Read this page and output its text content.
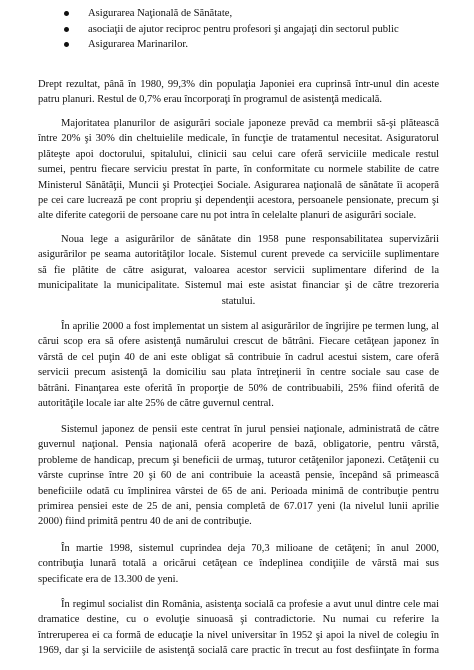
Asigurarea Naţională de Sănătate,
asociaţii de ajutor reciproc pentru profesori şi angajaţi din sectorul public
Asigurarea Marinarilor.
Drept rezultat, până în 1980, 99,3% din populaţia Japoniei era cuprinsă într-unul din aceste
patru planuri. Restul de 0,7% erau încorporaţi în programul de asistenţă medicală.
Majoritatea planurilor de asigurări sociale japoneze prevăd ca membrii să-şi plătească
între 20% şi 30% din cheltuielile medicale, în funcţie de tratamentul necesitat. Asiguratorul
plăteşte apoi doctorului, spitalului, clinicii sau celui care oferă serviciile medicale restul
sumei, pentru fiecare serviciu prestat în parte, în conformitate cu normele stabilite de catre
Ministerul Sănătăţii, Muncii şi Protecţiei Sociale. Asigurarea naţională de sănătate îi acoperă
pe cei care lucrează pe cont propriu şi dependenţii acestora, persoanele pensionate, precum şi
alte diferite categorii de persoane care nu pot intra în celelalte planuri de asigurări sociale.
Noua lege a asigurărilor de sănătate din 1958 pune responsabilitatea supervizării
asigurărilor pe seama autorităţilor locale. Sistemul curent prevede ca serviciile suplimentare
să fie plătite de către asigurat, valoarea acestor servicii suplimentare diferind de la
municipalitate la municipalitate. Sistemul mai este asistat financiar şi de către trezoreria
statului.
În aprilie 2000 a fost implementat un sistem al asigurărilor de îngrijire pe termen lung, al
cărui scop era să ofere asistenţă numărului crescut de bătrâni. Fiecare cetăţean japonez în
vârstă de cel puţin 40 de ani este obligat să contribuie în cadrul acestui sistem, care oferă
servicii precum asistenţă la domiciliu sau plata întreţinerii în centre sociale sau case de
bătrâni. Finanţarea este oferită în proporţie de 50% de contribuabili, 25% fiind oferită de
autorităţile locale iar alte 25% de către guvernul central.
Sistemul japonez de pensii este centrat în jurul pensiei naţionale, administrată de către
guvernul naţional. Pensia naţională oferă acoperire de bază, obligatorie, pentru vârstă,
probleme de handicap, precum şi beneficii de urmaş, tuturor cetăţenilor japonezi. Cetăţenii cu
vârste cuprinse între 20 şi 60 de ani contribuie la această pensie, începând să primească
beneficiile odată cu împlinirea vârstei de 65 de ani. Perioada minimă de contribuţie pentru
primirea pensiei este de 25 de ani, pensia completă de 67.017 yeni (la nivelul lunii aprilie
2000) fiind primită pentru 40 de ani de contribuţie.
În martie 1998, sistemul cuprindea deja 70,3 milioane de cetăţeni; în anul 2000,
contribuţia lunară totală a oricărui cetăţean ce îndeplinea condiţiile de vârstă mai sus
specificate era de 13.300 de yeni.
În regimul socialist din România, asistenţa socială ca profesie a avut unul dintre cele mai
dramatice destine, cu o evoluţie sinuoasă şi contradictorie. Nu numai cu referire la
întreruperea ei ca formă de educaţie la nivel universitar în 1952 şi apoi la nivel de colegiu în
1969, dar şi la serviciile de asistenţă socială care practic în trecut au fost desfiinţate în forma
